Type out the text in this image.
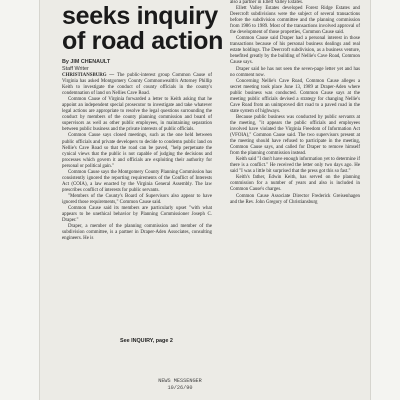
seeks inquiry
of road action
By JIM CHENAULT
Staff Writer

CHRISTIANSBURG — The public-interest group Common Cause of Virginia has asked Montgomery County Commonwealth's Attorney Phillip Keith to investigate the conduct of county officials in the county's condemnation of land on Nellies Cave Road.

Common Cause of Virginia forwarded a letter to Keith asking that he appoint an independent special prosecutor to investigate and take whatever legal actions are appropriate to resolve the legal questions surrounding the conduct by members of the county planning commission and board of supervisors as well as other public employees, in maintaining separation between public business and the private interests of public officials.

Common Cause says closed meetings, such as the one held between public officials and private developers to decide to condemn public land on Nellie's Cave Road so that the road can be paved, "help perpetuate the cynical views that the public is not capable of judging the decisions and processes which govern it and officials are exploiting their authority for personal or political gain."

Common Cause says the Montgomery County Planning Commission has consistently ignored the reporting requirements of the Conflict of Interests Act (COIA), a law enacted by the Virginia General Assembly. The law prescribes conflict of interests for public servants.

"Members of the County's Board of Supervisors also appear to have ignored those requirements," Common Cause said.

Common Cause said its members are particularly upset "with what appears to be unethical behavior by Planning Commissioner Joseph C. Draper."

Draper, a member of the planning commission and member of the subdivision committee, is a partner in Draper-Aden Associates, consulting engineers. He is

See INQUIRY, page 2

also a partner in Ellett Valley Estates.

Ellett Valley Estates developed Forest Ridge Estates and Deercroft subdivisions were the subject of several transactions before the subdivision committee and the planning commission from 1986 to 1989. Most of the transactions involved approval of the development of those properties, Common Cause said.

Common Cause said Draper had a personal interest in those transactions because of his personal business dealings and real estate holdings. The Deercroft subdivision, as a business venture, benefited greatly by the building of Nellie's Cave Road, Common Cause says.

Draper said he has not seen the seven-page letter yet and has no comment now.

Concerning Nellie's Cave Road, Common Cause alleges a secret meeting took place June 13, 1989 at Draper-Aden where public business was conducted. Common Cause says at the meeting public officials devised a strategy for changing Nellie's Cave Road from an unimproved dirt road to a paved road in the state system of highways.

Because public business was conducted by public servants at the meeting, "it appears the public officials and employees involved have violated the Virginia Freedom of Information Act (VFOIA)," Common Cause said. The two supervisors present at the meeting should have refused to participate in the meeting, Common Cause says, and called for Draper to remove himself from the planning commission instead.

Keith said "I don't have enough information yet to determine if there is a conflict." He received the letter only two days ago. He said "I was a little bit surprised that the press got this so fast."

Keith's father, Edwin Keith, has served on the planning commission for a number of years and also is included in Common Cause's charges.

Common Cause Associate Director Frederick Greisenhagen and the Rev. John Gregory of Christiansburg

NEWS MESSENGER
10/26/90
